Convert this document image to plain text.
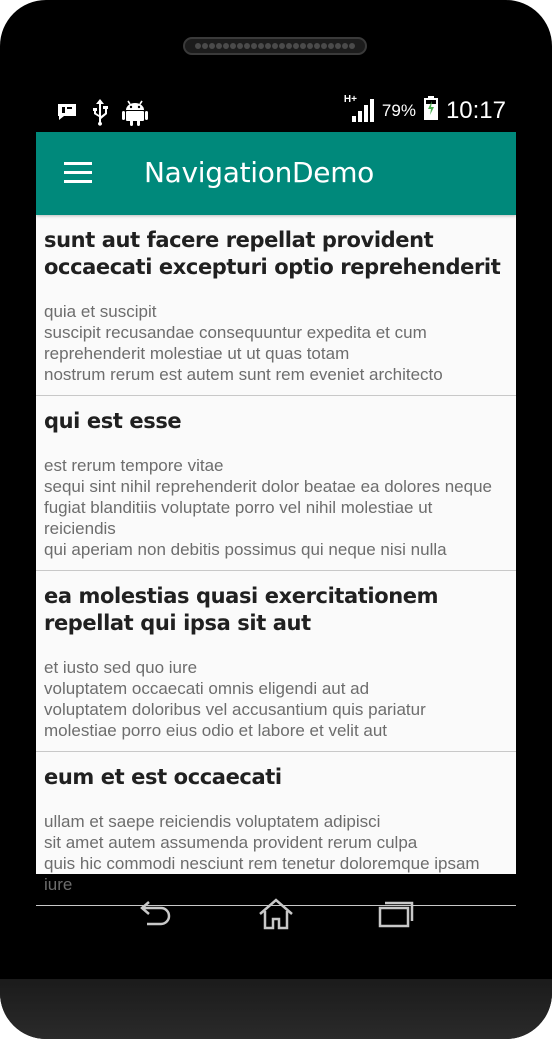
H+
79% 10:17
NavigationDemo

sunt aut facere repellat provident occaecati excepturi optio reprehenderit

quia et suscipit
suscipit recusandae consequuntur expedita et cum reprehenderit molestiae ut ut quas totam
nostrum rerum est autem sunt rem eveniet architecto

qui est esse

est rerum tempore vitae
sequi sint nihil reprehenderit dolor beatae ea dolores neque fugiat blanditiis voluptate porro vel nihil molestiae ut reiciendis
qui aperiam non debitis possimus qui neque nisi nulla

ea molestias quasi exercitationem repellat qui ipsa sit aut

et iusto sed quo iure
voluptatem occaecati omnis eligendi aut ad
voluptatem doloribus vel accusantium quis pariatur
molestiae porro eius odio et labore et velit aut

eum et est occaecati

ullam et saepe reiciendis voluptatem adipisci
sit amet autem assumenda provident rerum culpa
quis hic commodi nesciunt rem tenetur doloremque ipsam iure
